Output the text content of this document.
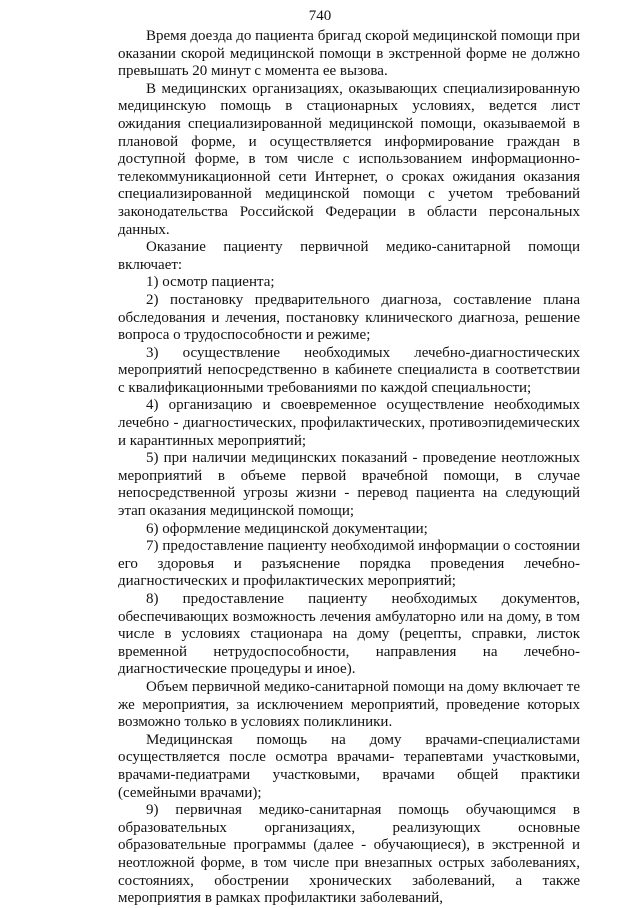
740

Время доезда до пациента бригад скорой медицинской помощи при оказании скорой медицинской помощи в экстренной форме не должно превышать 20 минут с момента ее вызова.

В медицинских организациях, оказывающих специализированную медицинскую помощь в стационарных условиях, ведется лист ожидания специализированной медицинской помощи, оказываемой в плановой форме, и осуществляется информирование граждан в доступной форме, в том числе с использованием информационно-телекоммуникационной сети Интернет, о сроках ожидания оказания специализированной медицинской помощи с учетом требований законодательства Российской Федерации в области персональных данных.

Оказание пациенту первичной медико-санитарной помощи включает:

1) осмотр пациента;

2) постановку предварительного диагноза, составление плана обследования и лечения, постановку клинического диагноза, решение вопроса о трудоспособности и режиме;

3) осуществление необходимых лечебно-диагностических мероприятий непосредственно в кабинете специалиста в соответствии с квалификационными требованиями по каждой специальности;

4) организацию и своевременное осуществление необходимых лечебно - диагностических, профилактических, противоэпидемических и карантинных мероприятий;

5) при наличии медицинских показаний - проведение неотложных мероприятий в объеме первой врачебной помощи, в случае непосредственной угрозы жизни - перевод пациента на следующий этап оказания медицинской помощи;

6) оформление медицинской документации;

7) предоставление пациенту необходимой информации о состоянии его здоровья и разъяснение порядка проведения лечебно-диагностических и профилактических мероприятий;

8) предоставление пациенту необходимых документов, обеспечивающих возможность лечения амбулаторно или на дому, в том числе в условиях стационара на дому (рецепты, справки, листок временной нетрудоспособности, направления на лечебно-диагностические процедуры и иное).

Объем первичной медико-санитарной помощи на дому включает те же мероприятия, за исключением мероприятий, проведение которых возможно только в условиях поликлиники.

Медицинская помощь на дому врачами-специалистами осуществляется после осмотра врачами- терапевтами участковыми, врачами-педиатрами участковыми, врачами общей практики (семейными врачами);

9) первичная медико-санитарная помощь обучающимся в образовательных организациях, реализующих основные образовательные программы (далее - обучающиеся), в экстренной и неотложной форме, в том числе при внезапных острых заболеваниях, состояниях, обострении хронических заболеваний, а также мероприятия в рамках профилактики заболеваний,
